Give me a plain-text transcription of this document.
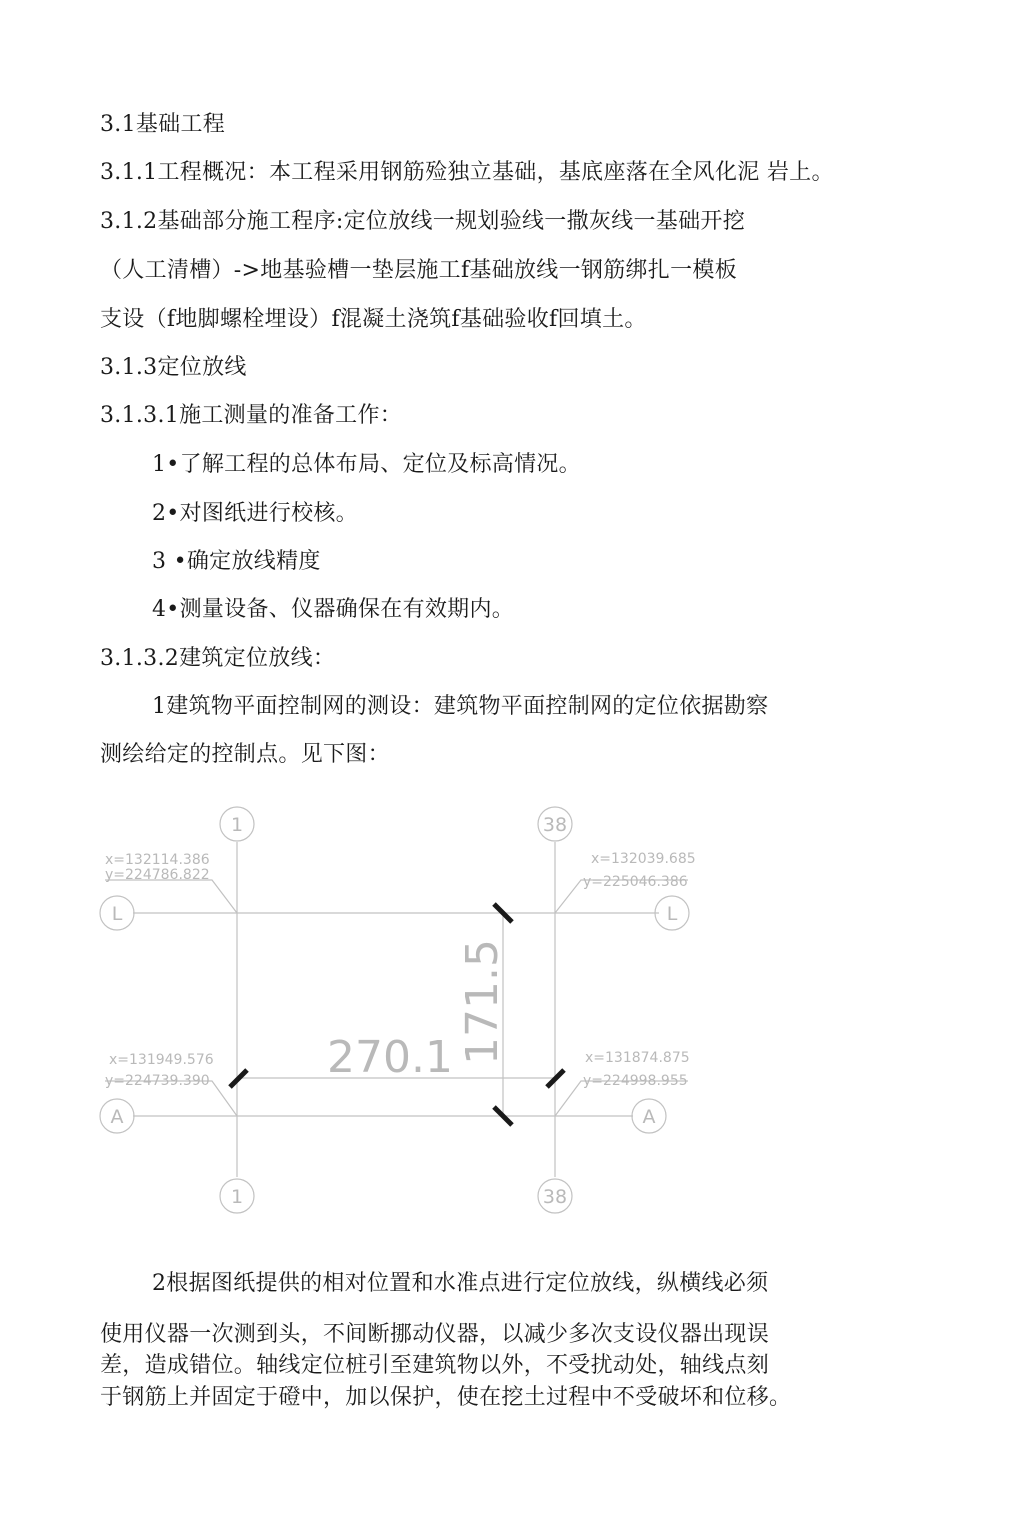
3.1基础工程
3.1.1工程概况：本工程采用钢筋殓独立基础，基底座落在全风化泥 岩上。
3.1.2基础部分施工程序:定位放线一规划验线一撒灰线一基础开挖
（人工清槽）->地基验槽一垫层施工f基础放线一钢筋绑扎一模板
支设（f地脚螺栓埋设）f混凝土浇筑f基础验收f回填土。
3.1.3定位放线
3.1.3.1施工测量的准备工作：
1•了解工程的总体布局、定位及标高情况。
2•对图纸进行校核。
3 •确定放线精度
4•测量设备、仪器确保在有效期内。
3.1.3.2建筑定位放线：
1建筑物平面控制网的测设：建筑物平面控制网的定位依据勘察
测绘给定的控制点。见下图：
1	38
1	38
L	L
A	A
x=132114.386
y=224786.822
x=132039.685
y=225046.386
x=131949.576
y=224739.390
x=131874.875
y=224998.955
270.1 171.5
2根据图纸提供的相对位置和水准点进行定位放线，纵横线必须
使用仪器一次测到头，不间断挪动仪器，以减少多次支设仪器出现误
差，造成错位。轴线定位桩引至建筑物以外，不受扰动处，轴线点刻
于钢筋上并固定于磴中，加以保护，使在挖土过程中不受破坏和位移。
